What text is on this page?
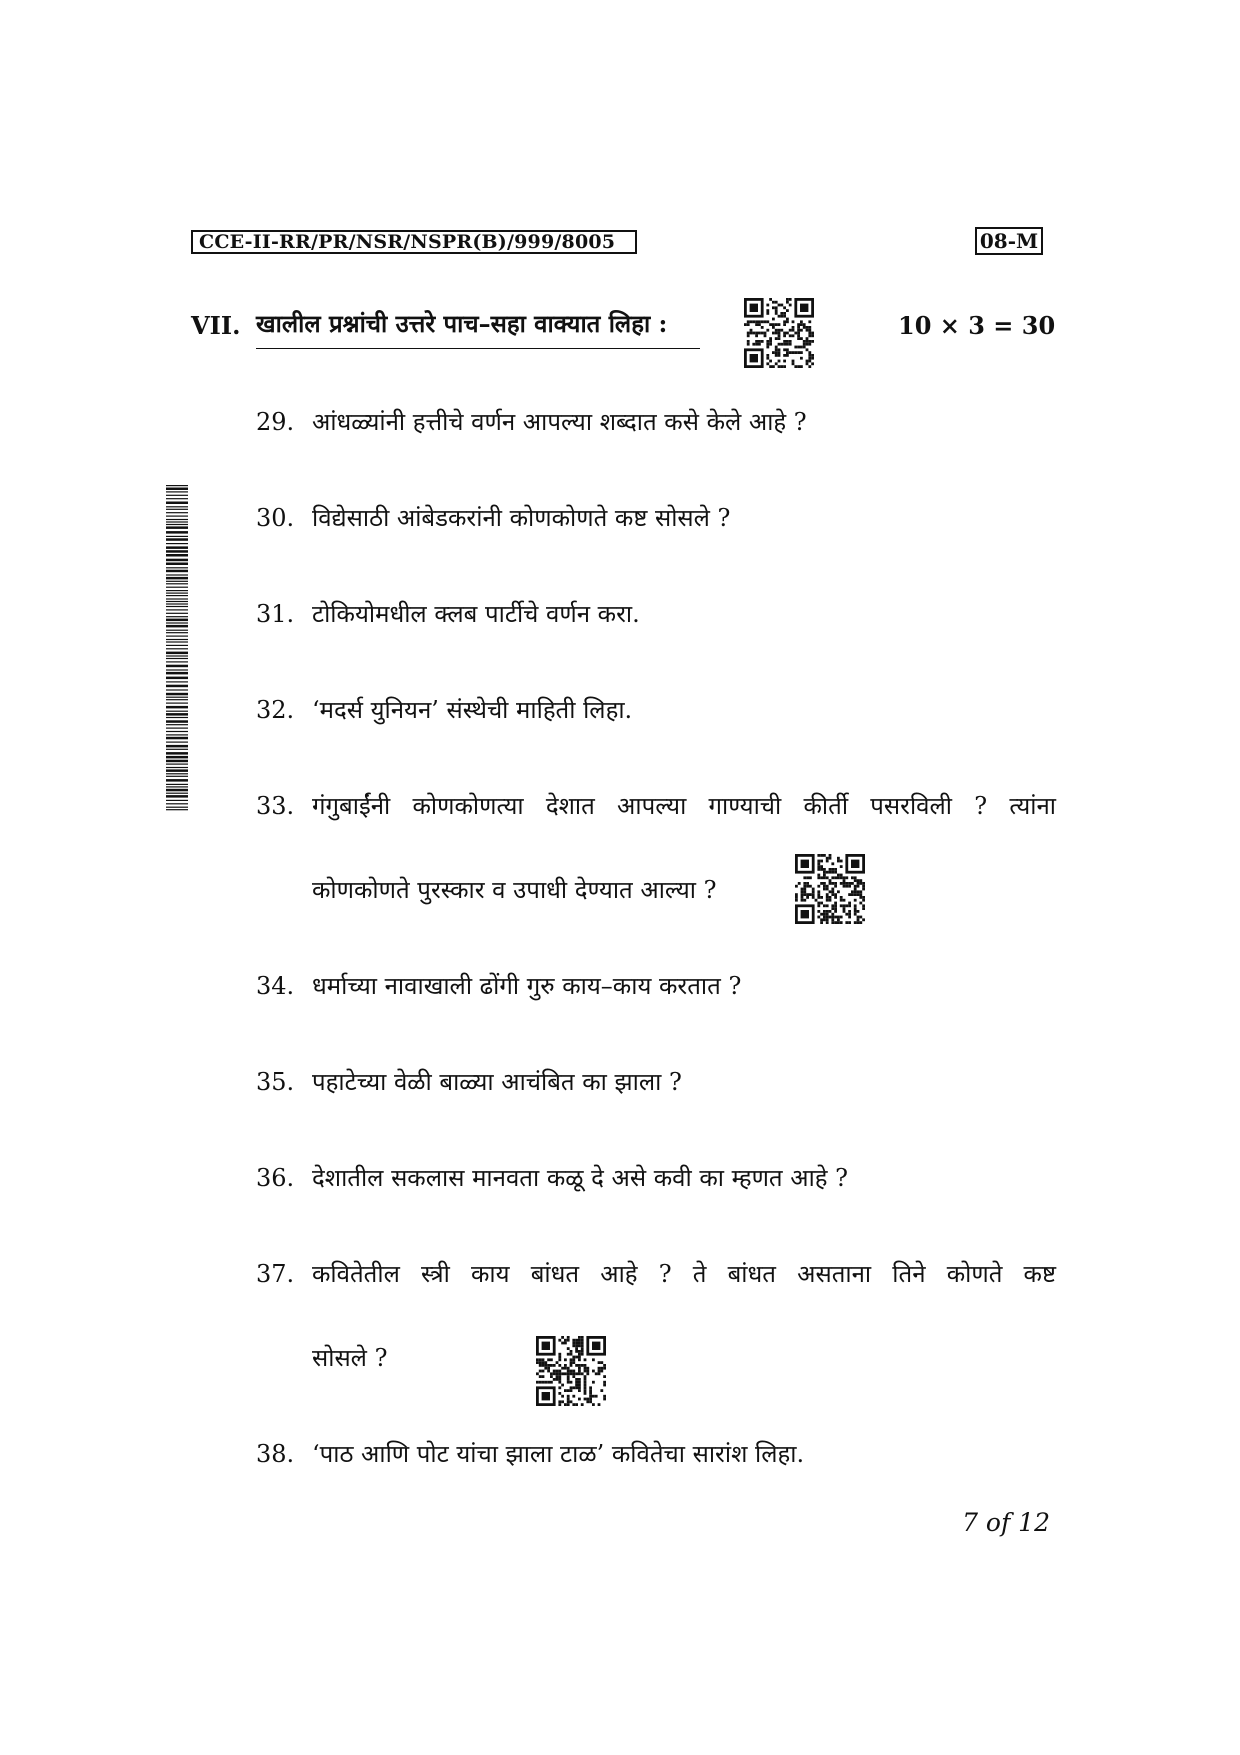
CCE-II-RR/PR/NSR/NSPR(B)/999/8005	08-M
VII. खालील प्रश्नांची उत्तरे पाच–सहा वाक्यात लिहा :	10 × 3 = 30
29. आंधळ्यांनी हत्तीचे वर्णन आपल्या शब्दात कसे केले आहे ?
30. विद्येसाठी आंबेडकरांनी कोणकोणते कष्ट सोसले ?
31. टोकियोमधील क्लब पार्टीचे वर्णन करा.
32. ‘मदर्स युनियन’ संस्थेची माहिती लिहा.
33. गंगुबाईंनी कोणकोणत्या देशात आपल्या गाण्याची कीर्ती पसरविली ? त्यांना
कोणकोणते पुरस्कार व उपाधी देण्यात आल्या ?
34. धर्माच्या नावाखाली ढोंगी गुरु काय–काय करतात ?
35. पहाटेच्या वेळी बाळ्या आचंबित का झाला ?
36. देशातील सकलास मानवता कळू दे असे कवी का म्हणत आहे ?
37. कवितेतील स्त्री काय बांधत आहे ? ते बांधत असताना तिने कोणते कष्ट
सोसले ?
38. ‘पाठ आणि पोट यांचा झाला टाळ’ कवितेचा सारांश लिहा.
7 of 12
